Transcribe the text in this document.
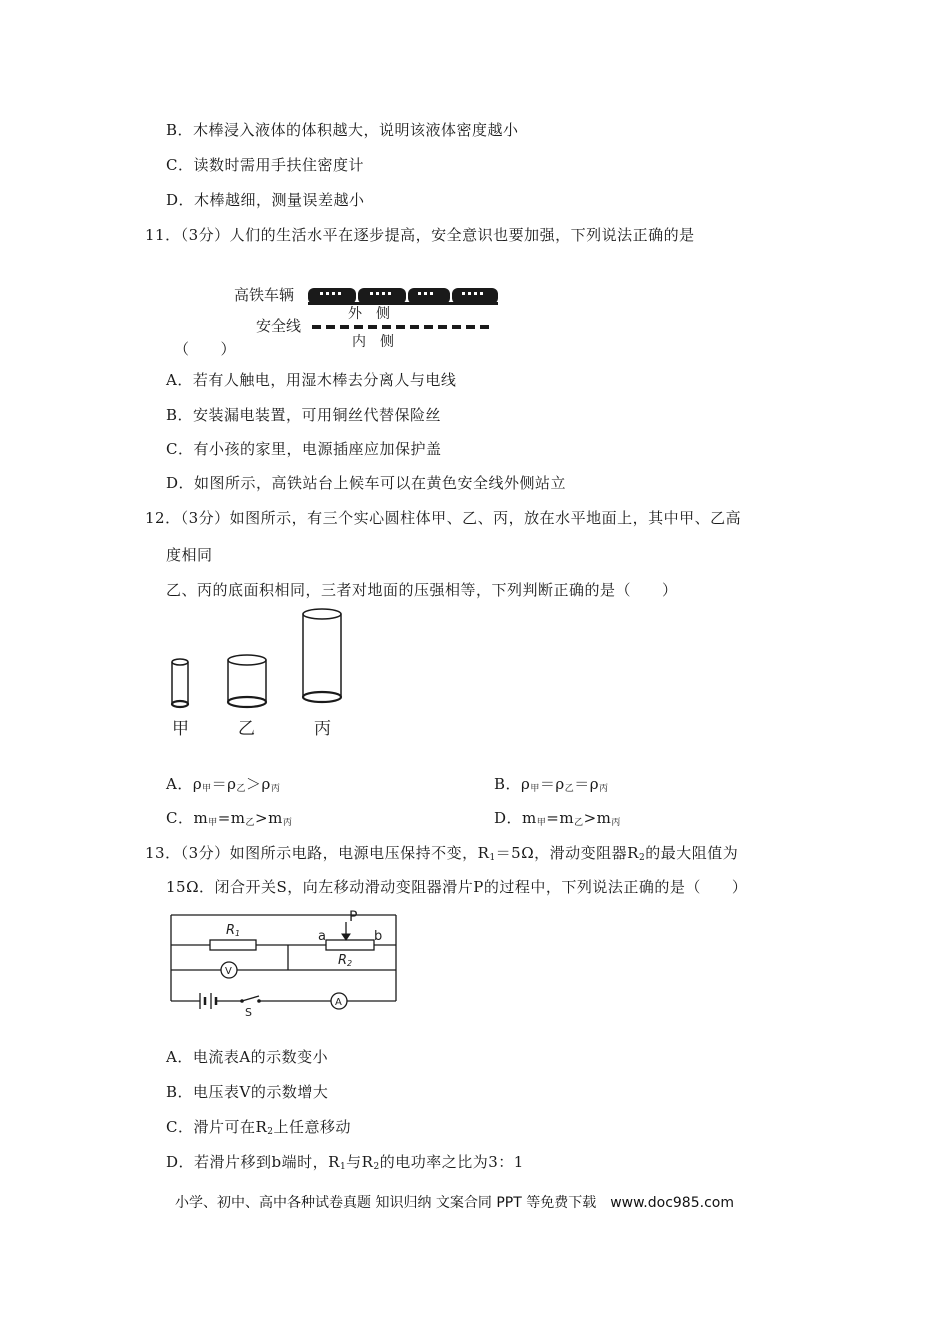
B．木棒浸入液体的体积越大，说明该液体密度越小
C．读数时需用手扶住密度计
D．木棒越细，测量误差越小
11．（3分）人们的生活水平在逐步提高，安全意识也要加强，下列说法正确的是
高铁车辆
外　侧
安全线
内　侧
（　　）
A．若有人触电，用湿木棒去分离人与电线
B．安装漏电装置，可用铜丝代替保险丝
C．有小孩的家里，电源插座应加保护盖
D．如图所示，高铁站台上候车可以在黄色安全线外侧站立
12．（3分）如图所示，有三个实心圆柱体甲、乙、丙，放在水平地面上，其中甲、乙高
度相同
乙、丙的底面积相同，三者对地面的压强相等，下列判断正确的是（　　）
甲	乙	丙
A．$\rho_甲=\rho_乙>\rho_丙$	B．$\rho_甲=\rho_乙=\rho_丙$
C．$m_甲=m_乙>m_丙$	D．$m_甲=m_乙>m_丙$
13．（3分）如图所示电路，电源电压保持不变，$R_1=5\Omega$，滑动变阻器$R_2$的最大阻值为
15Ω．闭合开关S，向左移动滑动变阻器滑片P的过程中，下列说法正确的是（　　）
R1
P
a	b
R2
V
A
S
A．电流表A的示数变小
B．电压表V的示数增大
C．滑片可在$R_2$上任意移动
D．若滑片移到b端时，$R_1$与$R_2$的电功率之比为3：1
小学、初中、高中各种试卷真题 知识归纳 文案合同 PPT 等免费下载　www.doc985.com
